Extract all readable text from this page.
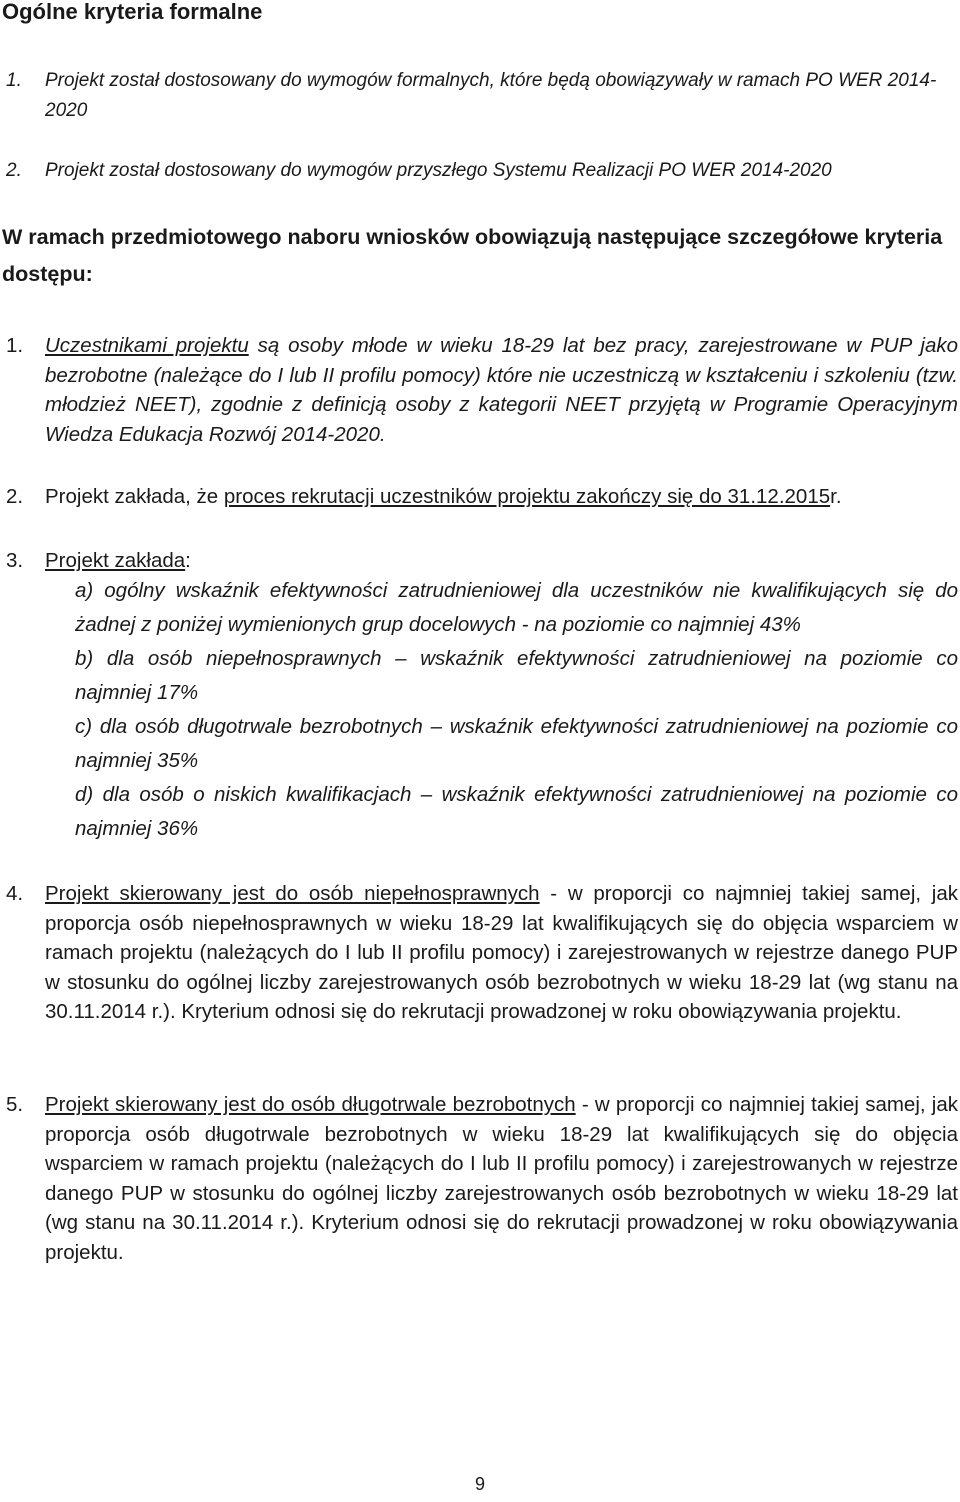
Ogólne kryteria formalne
1. Projekt został dostosowany do wymogów formalnych, które będą obowiązywały w ramach PO WER 2014-2020
2. Projekt został dostosowany do wymogów przyszłego Systemu Realizacji PO WER 2014-2020
W ramach przedmiotowego naboru wniosków obowiązują następujące szczegółowe kryteria dostępu:
1. Uczestnikami projektu są osoby młode w wieku 18-29 lat bez pracy, zarejestrowane w PUP jako bezrobotne (należące do I lub II profilu pomocy) które nie uczestniczą w kształceniu i szkoleniu (tzw. młodzież NEET), zgodnie z definicją osoby z kategorii NEET przyjętą w Programie Operacyjnym Wiedza Edukacja Rozwój 2014-2020.
2. Projekt zakłada, że proces rekrutacji uczestników projektu zakończy się do 31.12.2015r.
3. Projekt zakłada:
a) ogólny wskaźnik efektywności zatrudnieniowej dla uczestników nie kwalifikujących się do żadnej z poniżej wymienionych grup docelowych - na poziomie co najmniej 43%
b) dla osób niepełnosprawnych – wskaźnik efektywności zatrudnieniowej na poziomie co najmniej 17%
c) dla osób długotrwale bezrobotnych – wskaźnik efektywności zatrudnieniowej na poziomie co najmniej 35%
d) dla osób o niskich kwalifikacjach – wskaźnik efektywności zatrudnieniowej na poziomie co najmniej 36%
4. Projekt skierowany jest do osób niepełnosprawnych - w proporcji co najmniej takiej samej, jak proporcja osób niepełnosprawnych w wieku 18-29 lat kwalifikujących się do objęcia wsparciem w ramach projektu (należących do I lub II profilu pomocy) i zarejestrowanych w rejestrze danego PUP w stosunku do ogólnej liczby zarejestrowanych osób bezrobotnych w wieku 18-29 lat (wg stanu na 30.11.2014 r.). Kryterium odnosi się do rekrutacji prowadzonej w roku obowiązywania projektu.
5. Projekt skierowany jest do osób długotrwale bezrobotnych - w proporcji co najmniej takiej samej, jak proporcja osób długotrwale bezrobotnych w wieku 18-29 lat kwalifikujących się do objęcia wsparciem w ramach projektu (należących do I lub II profilu pomocy) i zarejestrowanych w rejestrze danego PUP w stosunku do ogólnej liczby zarejestrowanych osób bezrobotnych w wieku 18-29 lat (wg stanu na 30.11.2014 r.). Kryterium odnosi się do rekrutacji prowadzonej w roku obowiązywania projektu.
9
